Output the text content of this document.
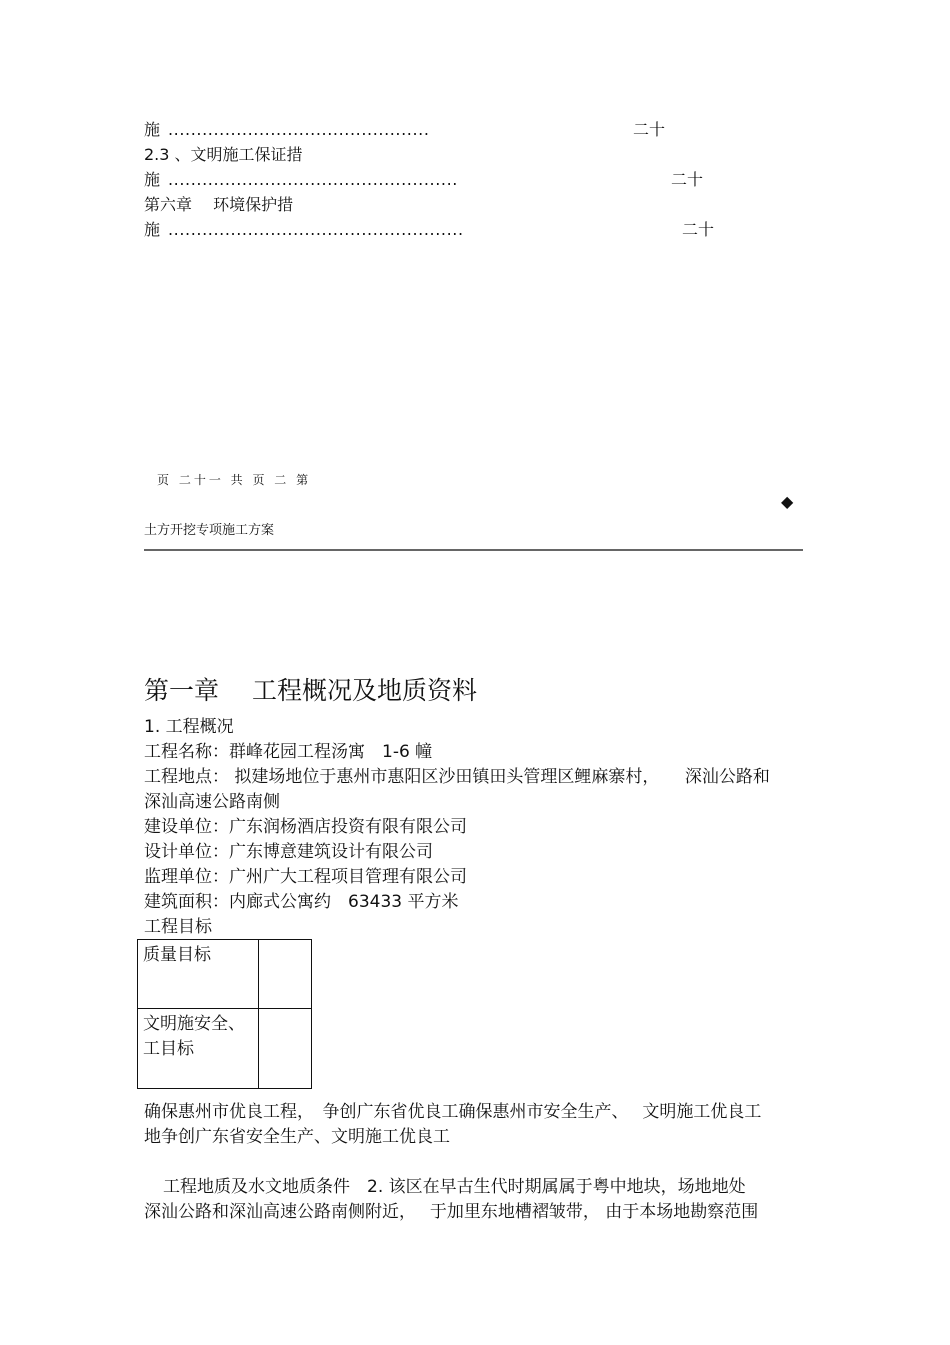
施 ..............................................	二十
2.3 、文明施工保证措
施 ...................................................	二十
第六章　 环境保护措
施 ....................................................	二十
页 二十一 共 页 二 第
◆
土方开挖专项施工方案
第一章　 工程概况及地质资料
1. 工程概况
工程名称：群峰花园工程汤寓　1-6 幢
工程地点： 拟建场地位于惠州市惠阳区沙田镇田头管理区鲤麻寨村，　　深汕公路和
深汕高速公路南侧
建设单位：广东润杨酒店投资有限有限公司
设计单位：广东博意建筑设计有限公司
监理单位：广州广大工程项目管理有限公司
建筑面积：内廊式公寓约　63433 平方米
工程目标
质量目标	
文明施安全、工目标	
确保惠州市优良工程，　争创广东省优良工确保惠州市安全生产、　 文明施工优良工
地争创广东省安全生产、文明施工优良工
工程地质及水文地质条件　2. 该区在早古生代时期属属于粤中地块，场地地处
深汕公路和深汕高速公路南侧附近，　 于加里东地槽褶皱带， 由于本场地勘察范围
